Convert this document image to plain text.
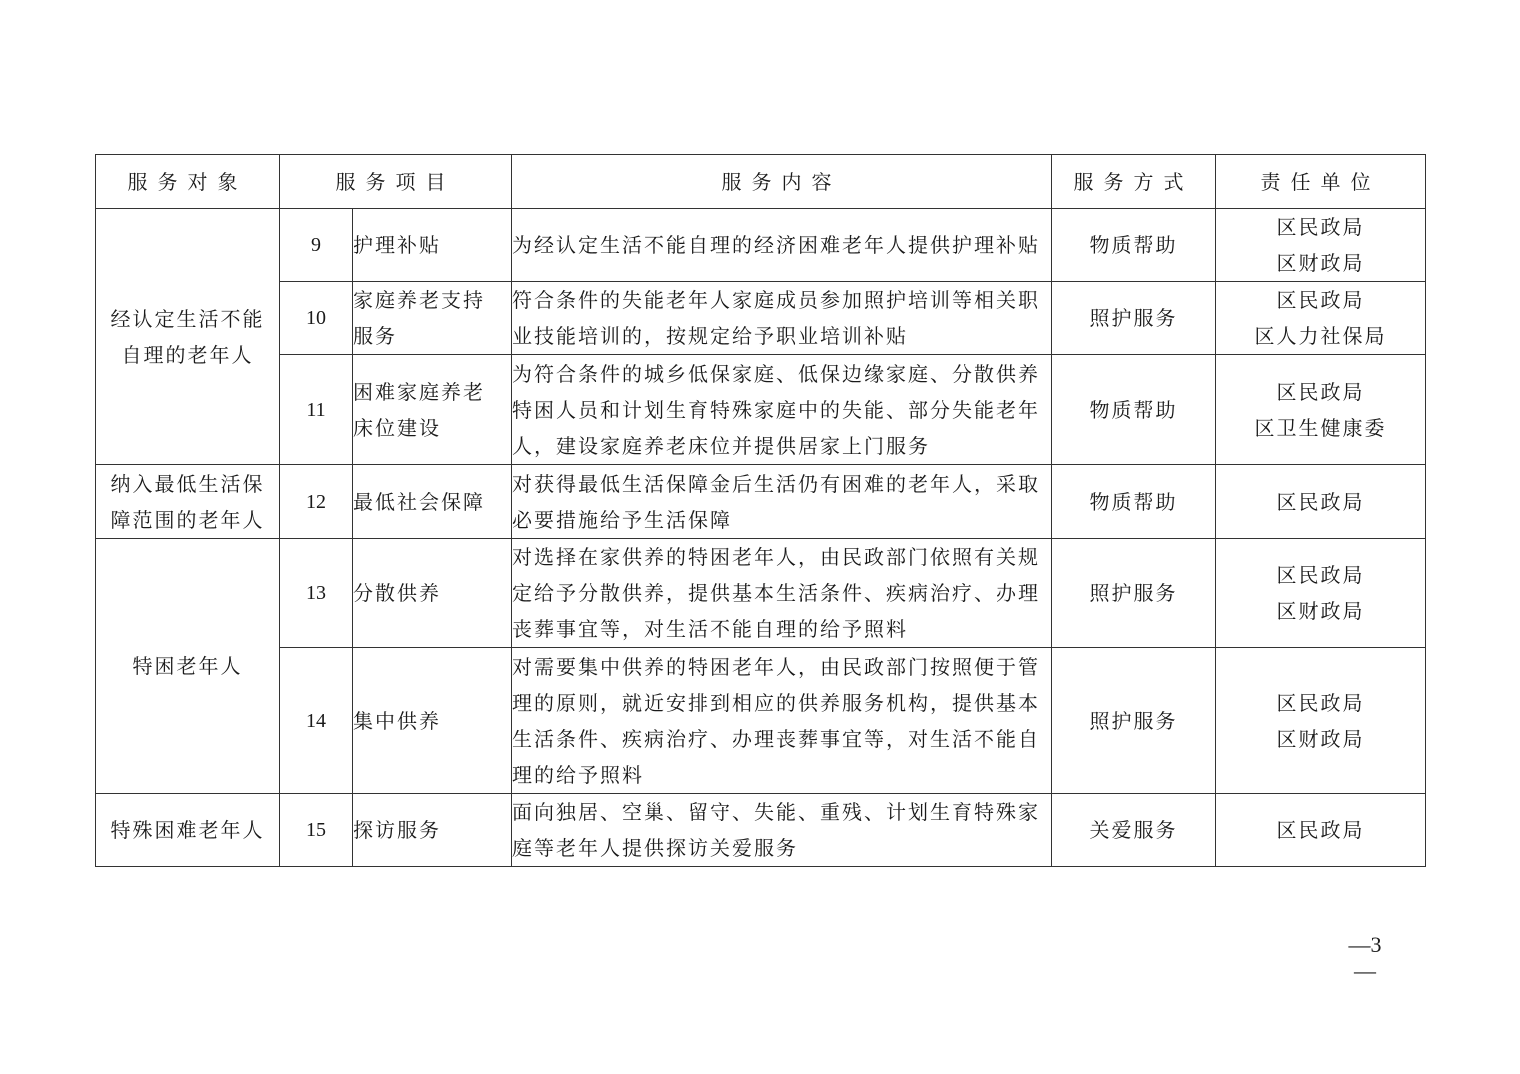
服务对象	服务项目		服务内容	服务方式	责任单位

经认定生活不能
自理的老年人	9	护理补贴	为经认定生活不能自理的经济困难老年人提供护理补贴	物质帮助	区民政局
区财政局

	10	家庭养老支持
服务	符合条件的失能老年人家庭成员参加照护培训等相关职
业技能培训的，按规定给予职业培训补贴	照护服务	区民政局
区人力社保局

	11	困难家庭养老
床位建设	为符合条件的城乡低保家庭、低保边缘家庭、分散供养
特困人员和计划生育特殊家庭中的失能、部分失能老年
人，建设家庭养老床位并提供居家上门服务	物质帮助	区民政局
区卫生健康委

纳入最低生活保
障范围的老年人	12	最低社会保障	对获得最低生活保障金后生活仍有困难的老年人，采取
必要措施给予生活保障	物质帮助	区民政局

特困老年人	13	分散供养	对选择在家供养的特困老年人，由民政部门依照有关规
定给予分散供养，提供基本生活条件、疾病治疗、办理
丧葬事宜等，对生活不能自理的给予照料	照护服务	区民政局
区财政局

	14	集中供养	对需要集中供养的特困老年人，由民政部门按照便于管
理的原则，就近安排到相应的供养服务机构，提供基本
生活条件、疾病治疗、办理丧葬事宜等，对生活不能自
理的给予照料	照护服务	区民政局
区财政局

特殊困难老年人	15	探访服务	面向独居、空巢、留守、失能、重残、计划生育特殊家
庭等老年人提供探访关爱服务	关爱服务	区民政局
—3—
